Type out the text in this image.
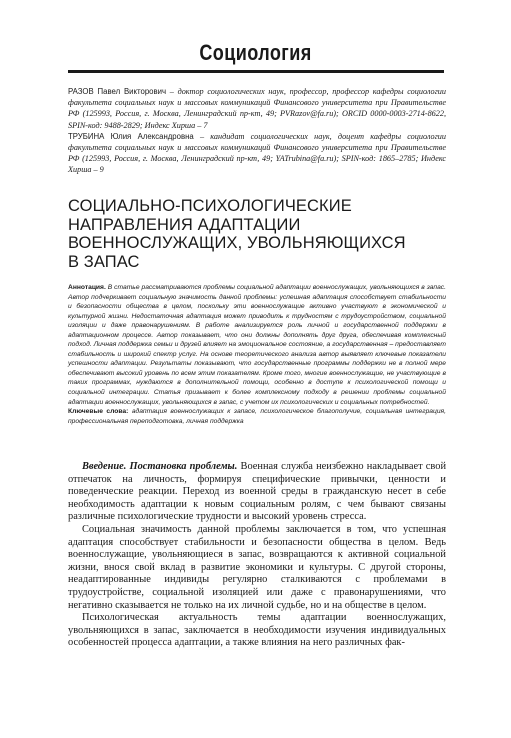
Социология

РАЗОВ Павел Викторович – доктор социологических наук, профессор, профессор кафедры социологии факультета социальных наук и массовых коммуникаций Финансового университета при Правительстве РФ (125993, Россия, г. Москва, Ленинградский пр-кт, 49; PVRazov@fa.ru); ORCID 0000-0003-2714-8622, SPIN-код: 9488-2829; Индекс Хирша – 7

ТРУБИНА Юлия Александровна – кандидат социологических наук, доцент кафедры социологии факультета социальных наук и массовых коммуникаций Финансового университета при Правительстве РФ (125993, Россия, г. Москва, Ленинградский пр-кт, 49; YATrubina@fa.ru); SPIN-код: 1865–2785; Индекс Хирша – 9

СОЦИАЛЬНО-ПСИХОЛОГИЧЕСКИЕ
НАПРАВЛЕНИЯ АДАПТАЦИИ
ВОЕННОСЛУЖАЩИХ, УВОЛЬНЯЮЩИХСЯ
В ЗАПАС
Аннотация. В статье рассматриваются проблемы социальной адаптации военнослужащих, увольняющихся в запас. Автор подчеркивает социальную значимость данной проблемы: успешная адаптация способствует стабильности и безопасности общества в целом, поскольку эти военнослужащие активно участвуют в экономической и культурной жизни. Недостаточная адаптация может приводить к трудностям с трудоустройством, социальной изоляции и даже правонарушениям. В работе анализируется роль личной и государственной поддержки в адаптационном процессе. Автор показывает, что они должны дополнять друг друга, обеспечивая комплексный подход. Личная поддержка семьи и друзей влияет на эмоциональное состояние, а государственная – предоставляет стабильность и широкий спектр услуг. На основе теоретического анализа автор выявляет ключевые показатели успешности адаптации. Результаты показывают, что государственные программы поддержки не в полной мере обеспечивают высокий уровень по всем этим показателям. Кроме того, многие военнослужащие, не участвующие в таких программах, нуждаются в дополнительной помощи, особенно в доступе к психологической помощи и социальной интеграции. Статья призывает к более комплексному подходу в решении проблемы социальной адаптации военнослужащих, увольняющихся в запас, с учетом их психологических и социальных потребностей.
Ключевые слова: адаптация военнослужащих к запасе, психологическое благополучие, социальная интеграция, профессиональная переподготовка, личная поддержка

Введение. Постановка проблемы. Военная служба неизбежно накладывает свой отпечаток на личность, формируя специфические привычки, ценности и поведенческие реакции. Переход из военной среды в гражданскую несет в себе необходимость адаптации к новым социальным ролям, с чем бывают связаны различные психологические трудности и высокий уровень стресса.

Социальная значимость данной проблемы заключается в том, что успешная адаптация способствует стабильности и безопасности общества в целом. Ведь военнослужащие, увольняющиеся в запас, возвращаются к активной социальной жизни, внося свой вклад в развитие экономики и культуры. С другой стороны, неадаптированные индивиды регулярно сталкиваются с проблемами в трудоустройстве, социальной изоляцией или даже с правонарушениями, что негативно сказывается не только на их личной судьбе, но и на обществе в целом.

Психологическая актуальность темы адаптации военнослужащих, увольняющихся в запас, заключается в необходимости изучения индивидуальных особенностей процесса адаптации, а также влияния на него различных фак-
